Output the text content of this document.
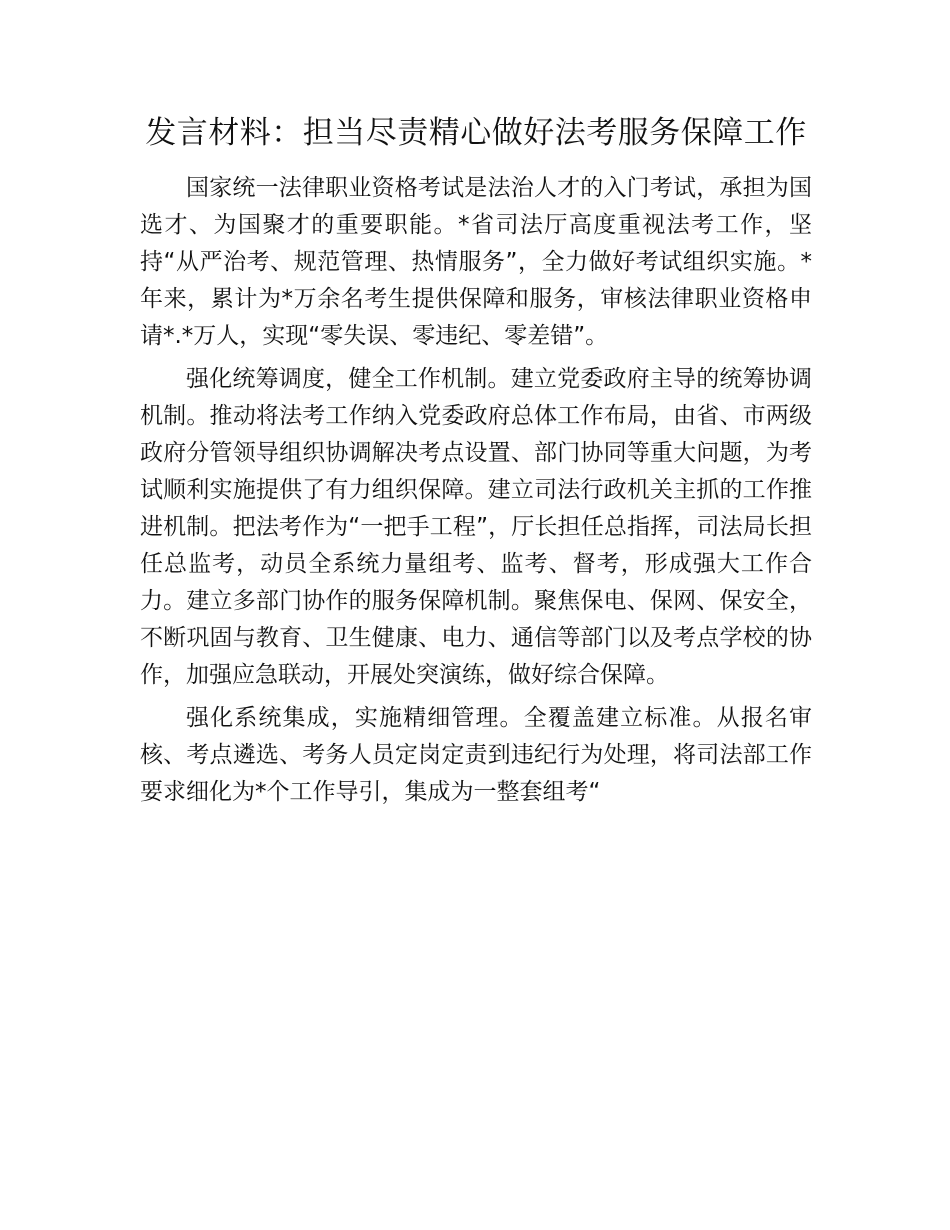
发言材料：担当尽责精心做好法考服务保障工作

国家统一法律职业资格考试是法治人才的入门考试，承担为国选才、为国聚才的重要职能。*省司法厅高度重视法考工作，坚持“从严治考、规范管理、热情服务”，全力做好考试组织实施。*年来，累计为*万余名考生提供保障和服务，审核法律职业资格申请*.*万人，实现“零失误、零违纪、零差错”。

强化统筹调度，健全工作机制。建立党委政府主导的统筹协调机制。推动将法考工作纳入党委政府总体工作布局，由省、市两级政府分管领导组织协调解决考点设置、部门协同等重大问题，为考试顺利实施提供了有力组织保障。建立司法行政机关主抓的工作推进机制。把法考作为“一把手工程”，厅长担任总指挥，司法局长担任总监考，动员全系统力量组考、监考、督考，形成强大工作合力。建立多部门协作的服务保障机制。聚焦保电、保网、保安全，不断巩固与教育、卫生健康、电力、通信等部门以及考点学校的协作，加强应急联动，开展处突演练，做好综合保障。

强化系统集成，实施精细管理。全覆盖建立标准。从报名审核、考点遴选、考务人员定岗定责到违纪行为处理，将司法部工作要求细化为*个工作导引，集成为一整套组考“
